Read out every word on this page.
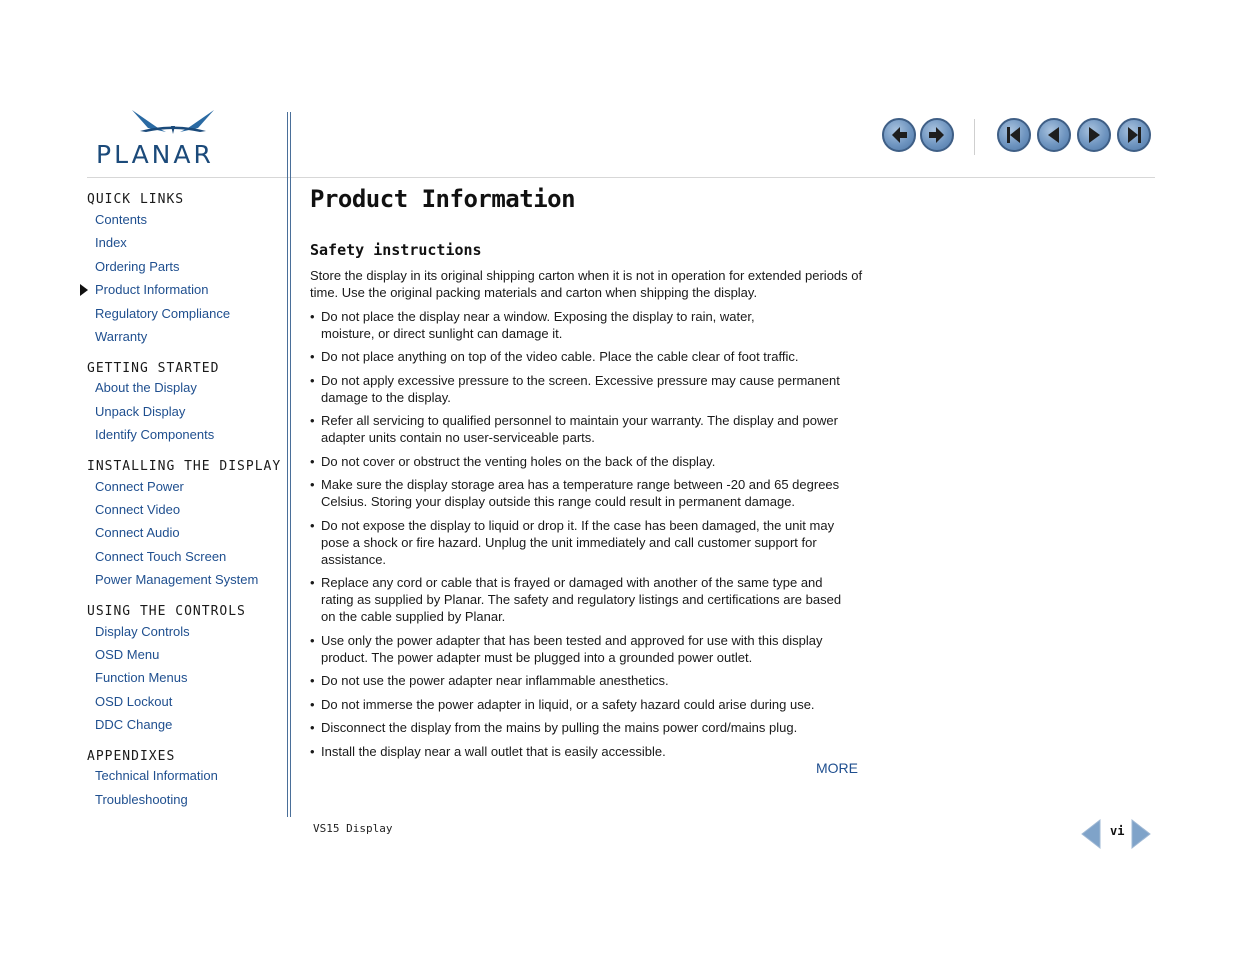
PLANAR
QUICK LINKS
Contents
Index
Ordering Parts
Product Information
Regulatory Compliance
Warranty
GETTING STARTED
About the Display
Unpack Display
Identify Components
INSTALLING THE DISPLAY
Connect Power
Connect Video
Connect Audio
Connect Touch Screen
Power Management System
USING THE CONTROLS
Display Controls
OSD Menu
Function Menus
OSD Lockout
DDC Change
APPENDIXES
Technical Information
Troubleshooting
Product Information
Safety instructions
Store the display in its original shipping carton when it is not in operation for extended periods of time. Use the original packing materials and carton when shipping the display.
• Do not place the display near a window. Exposing the display to rain, water, moisture, or direct sunlight can damage it.
• Do not place anything on top of the video cable. Place the cable clear of foot traffic.
• Do not apply excessive pressure to the screen. Excessive pressure may cause permanent damage to the display.
• Refer all servicing to qualified personnel to maintain your warranty. The display and power adapter units contain no user-serviceable parts.
• Do not cover or obstruct the venting holes on the back of the display.
• Make sure the display storage area has a temperature range between -20 and 65 degrees Celsius. Storing your display outside this range could result in permanent damage.
• Do not expose the display to liquid or drop it. If the case has been damaged, the unit may pose a shock or fire hazard. Unplug the unit immediately and call customer support for assistance.
• Replace any cord or cable that is frayed or damaged with another of the same type and rating as supplied by Planar. The safety and regulatory listings and certifications are based on the cable supplied by Planar.
• Use only the power adapter that has been tested and approved for use with this display product. The power adapter must be plugged into a grounded power outlet.
• Do not use the power adapter near inflammable anesthetics.
• Do not immerse the power adapter in liquid, or a safety hazard could arise during use.
• Disconnect the display from the mains by pulling the mains power cord/mains plug.
• Install the display near a wall outlet that is easily accessible.
MORE
VS15 Display	vi
